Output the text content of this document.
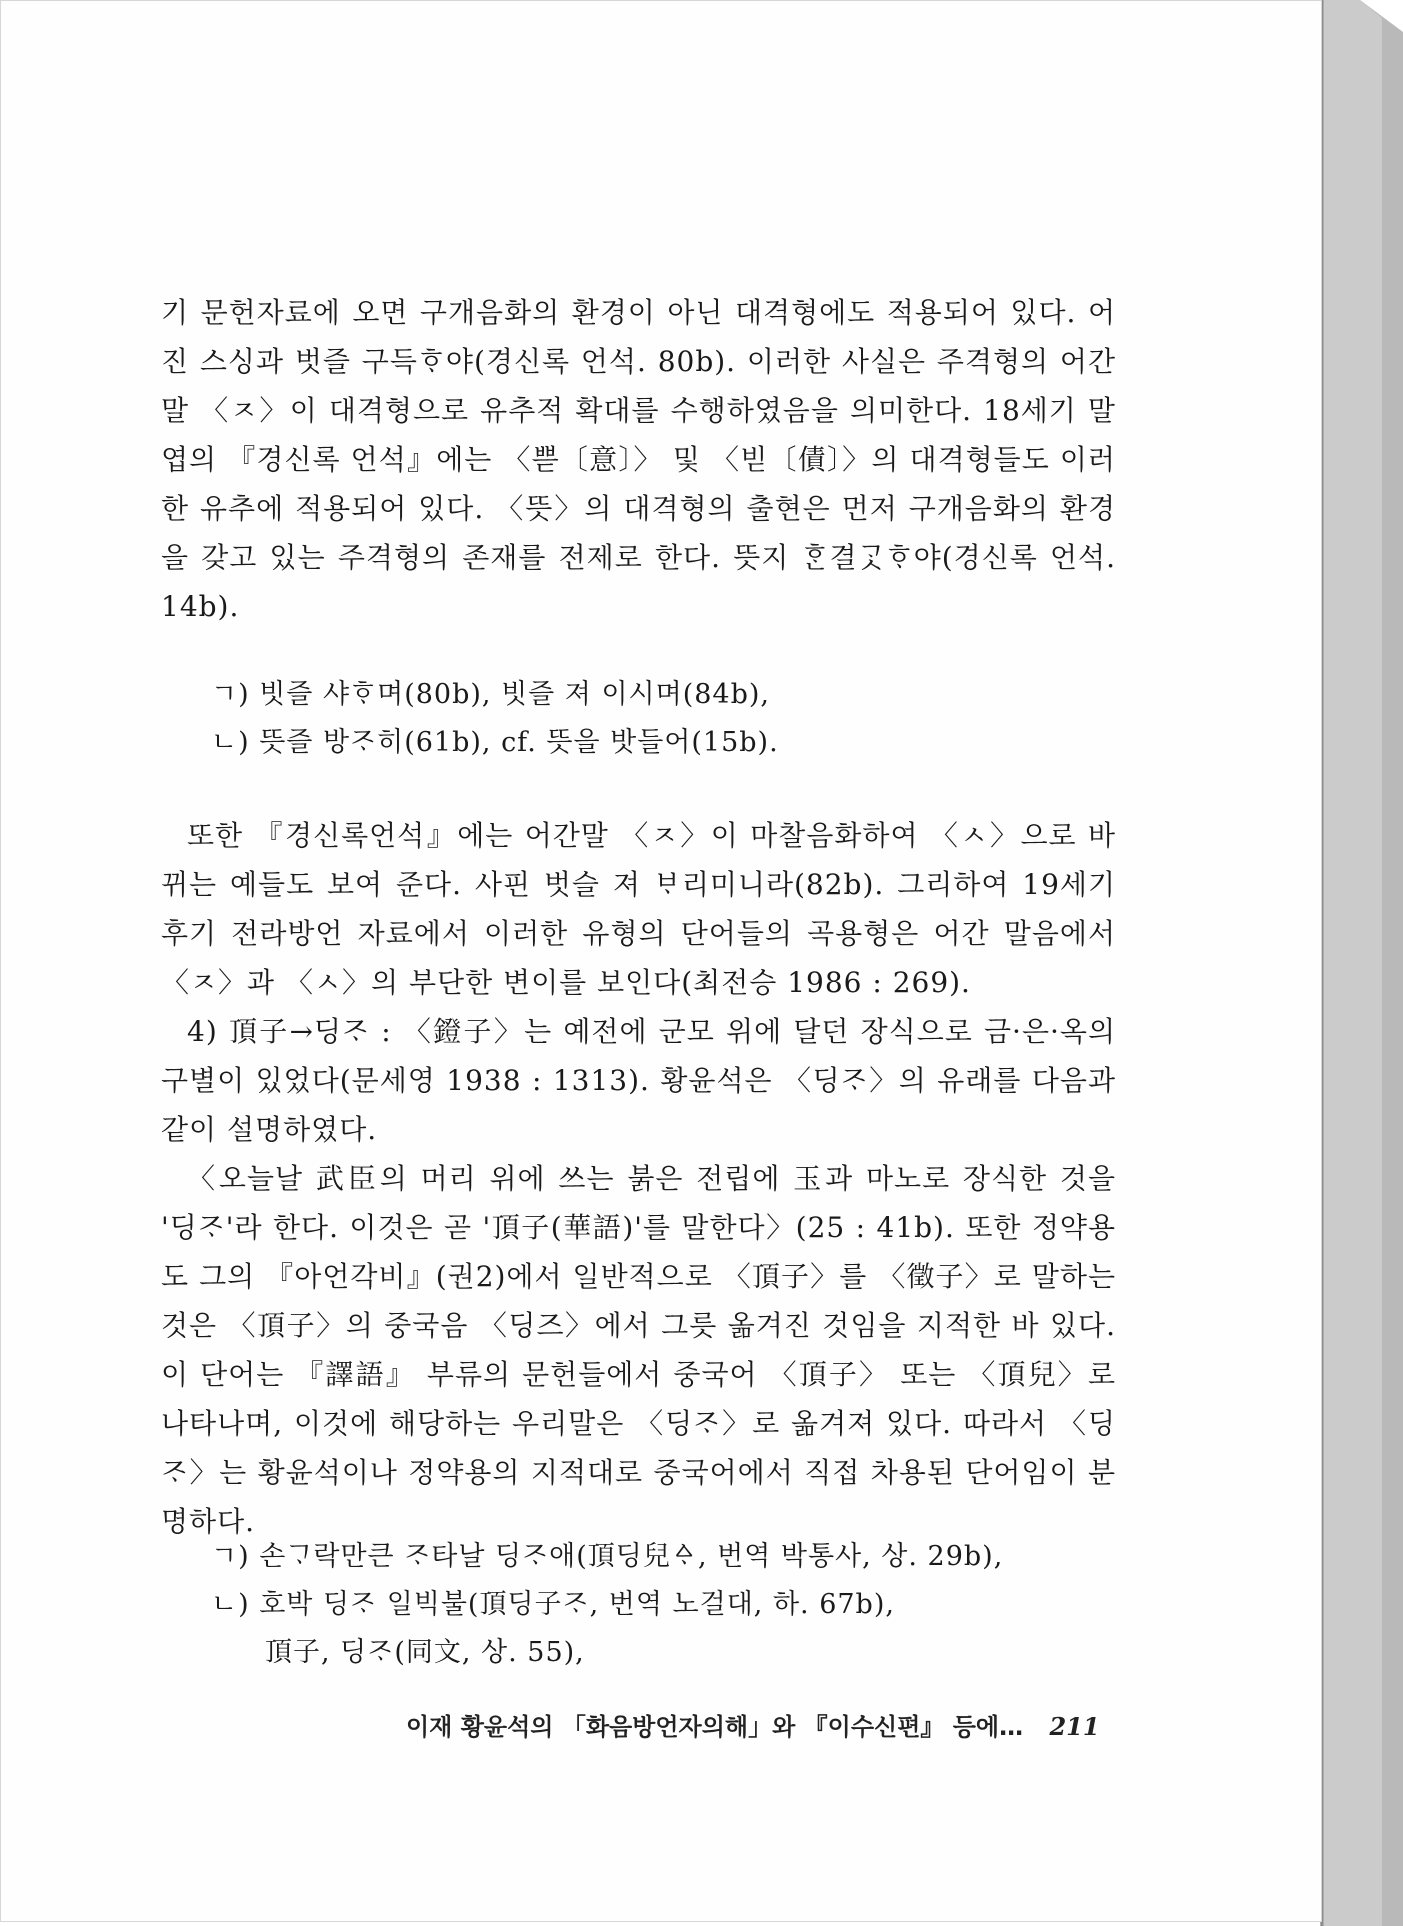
기 문헌자료에 오면 구개음화의 환경이 아닌 대격형에도 적용되어 있다. 어진 스싱과 벗즐 구득ᄒᆞ야(경신록 언석. 80b). 이러한 사실은 주격형의 어간말 〈ㅈ〉이 대격형으로 유추적 확대를 수행하였음을 의미한다. 18세기 말엽의 『경신록 언석』에는 〈쁟〔意〕〉 및 〈빋〔債〕〉의 대격형들도 이러한 유추에 적용되어 있다. 〈뜻〉의 대격형의 출현은 먼저 구개음화의 환경을 갖고 있는 주격형의 존재를 전제로 한다. 뜻지 ᄒᆞᆫ결ᄀᆞᆺᄒᆞ야(경신록 언석. 14b).

ㄱ) 빗즐 샤ᄒᆞ며(80b), 빗즐 져 이시며(84b),
ㄴ) 뜻즐 방ᄌᆞ히(61b), cf. 뜻을 밧들어(15b).

또한 『경신록언석』에는 어간말 〈ㅈ〉이 마찰음화하여 〈ㅅ〉으로 바뀌는 예들도 보여 준다. 사핀 벗슬 져 ᄇᆞ리미니라(82b). 그리하여 19세기 후기 전라방언 자료에서 이러한 유형의 단어들의 곡용형은 어간 말음에서 〈ㅈ〉과 〈ㅅ〉의 부단한 변이를 보인다(최전승 1986 : 269).

4) 頂子→딩ᄌᆞ : 〈鐙子〉는 예전에 군모 위에 달던 장식으로 금·은·옥의 구별이 있었다(문세영 1938 : 1313). 황윤석은 〈딩ᄌᆞ〉의 유래를 다음과 같이 설명하였다.

〈오늘날 武臣의 머리 위에 쓰는 붉은 전립에 玉과 마노로 장식한 것을 '딩ᄌᆞ'라 한다. 이것은 곧 '頂子(華語)'를 말한다〉(25 : 41b). 또한 정약용도 그의 『아언각비』(권2)에서 일반적으로 〈頂子〉를 〈徵子〉로 말하는 것은 〈頂子〉의 중국음 〈딩즈〉에서 그릇 옮겨진 것임을 지적한 바 있다. 이 단어는 『譯語』 부류의 문헌들에서 중국어 〈頂子〉 또는 〈頂兒〉로 나타나며, 이것에 해당하는 우리말은 〈딩ᄌᆞ〉로 옮겨져 있다. 따라서 〈딩ᄌᆞ〉는 황윤석이나 정약용의 지적대로 중국어에서 직접 차용된 단어임이 분명하다.

ㄱ) 손ᄀᆞ락만큰 ᄌᆞ타날 딩ᄌᆞ애(頂딩兒ᅀᆞ, 번역 박통사, 상. 29b),
ㄴ) 호박 딩ᄌᆞ 일빅불(頂딩子ᄌᆞ, 번역 노걸대, 하. 67b),
頂子, 딩ᄌᆞ(同文, 상. 55),
이재 황윤석의 「화음방언자의해」와 『이수신편』 등에… 211
